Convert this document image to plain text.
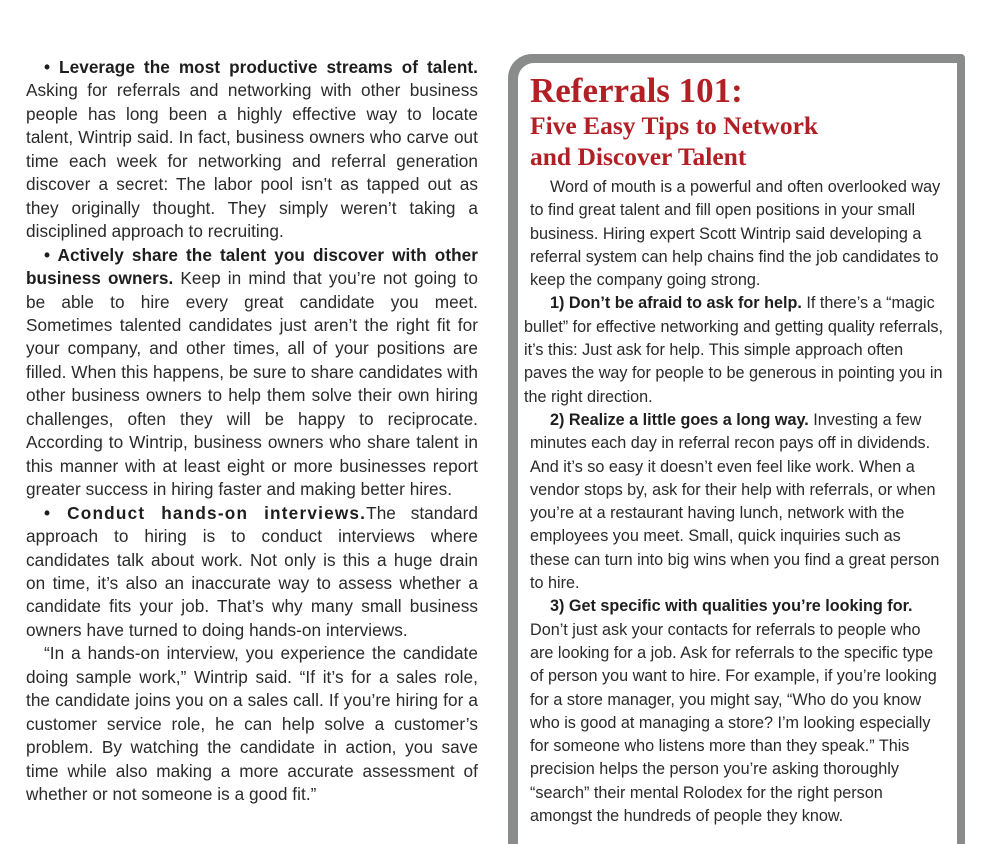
• Leverage the most productive streams of talent. Asking for referrals and networking with other business people has long been a highly effective way to locate talent, Wintrip said. In fact, business owners who carve out time each week for networking and referral generation discover a secret: The labor pool isn’t as tapped out as they originally thought. They simply weren’t taking a disciplined approach to recruiting.

• Actively share the talent you discover with other business owners. Keep in mind that you’re not going to be able to hire every great candidate you meet. Sometimes talented candidates just aren’t the right fit for your company, and other times, all of your positions are filled. When this happens, be sure to share candidates with other business owners to help them solve their own hiring challenges, often they will be happy to reciprocate. According to Wintrip, business owners who share talent in this manner with at least eight or more businesses report greater success in hiring faster and making better hires.

• Conduct hands-on interviews.The standard approach to hiring is to conduct interviews where candidates talk about work. Not only is this a huge drain on time, it’s also an inaccurate way to assess whether a candidate fits your job. That’s why many small business owners have turned to doing hands-on interviews.

“In a hands-on interview, you experience the candidate doing sample work,” Wintrip said. “If it’s for a sales role, the candidate joins you on a sales call. If you’re hiring for a customer service role, he can help solve a customer’s problem. By watching the candidate in action, you save time while also making a more accurate assessment of whether or not someone is a good fit.”

Referrals 101:
Five Easy Tips to Network and Discover Talent

Word of mouth is a powerful and often overlooked way to find great talent and fill open positions in your small business. Hiring expert Scott Wintrip said developing a referral system can help chains find the job candidates to keep the company going strong.

1) Don’t be afraid to ask for help. If there’s a “magic bullet” for effective networking and getting quality referrals, it’s this: Just ask for help. This simple approach often paves the way for people to be generous in pointing you in the right direction.

2) Realize a little goes a long way. Investing a few minutes each day in referral recon pays off in dividends. And it’s so easy it doesn’t even feel like work. When a vendor stops by, ask for their help with referrals, or when you’re at a restaurant having lunch, network with the employees you meet. Small, quick inquiries such as these can turn into big wins when you find a great person to hire.

3) Get specific with qualities you’re looking for. Don’t just ask your contacts for referrals to people who are looking for a job. Ask for referrals to the specific type of person you want to hire. For example, if you’re looking for a store manager, you might say, “Who do you know who is good at managing a store? I’m looking especially for someone who listens more than they speak.” This precision helps the person you’re asking thoroughly “search” their mental Rolodex for the right person amongst the hundreds of people they know.
